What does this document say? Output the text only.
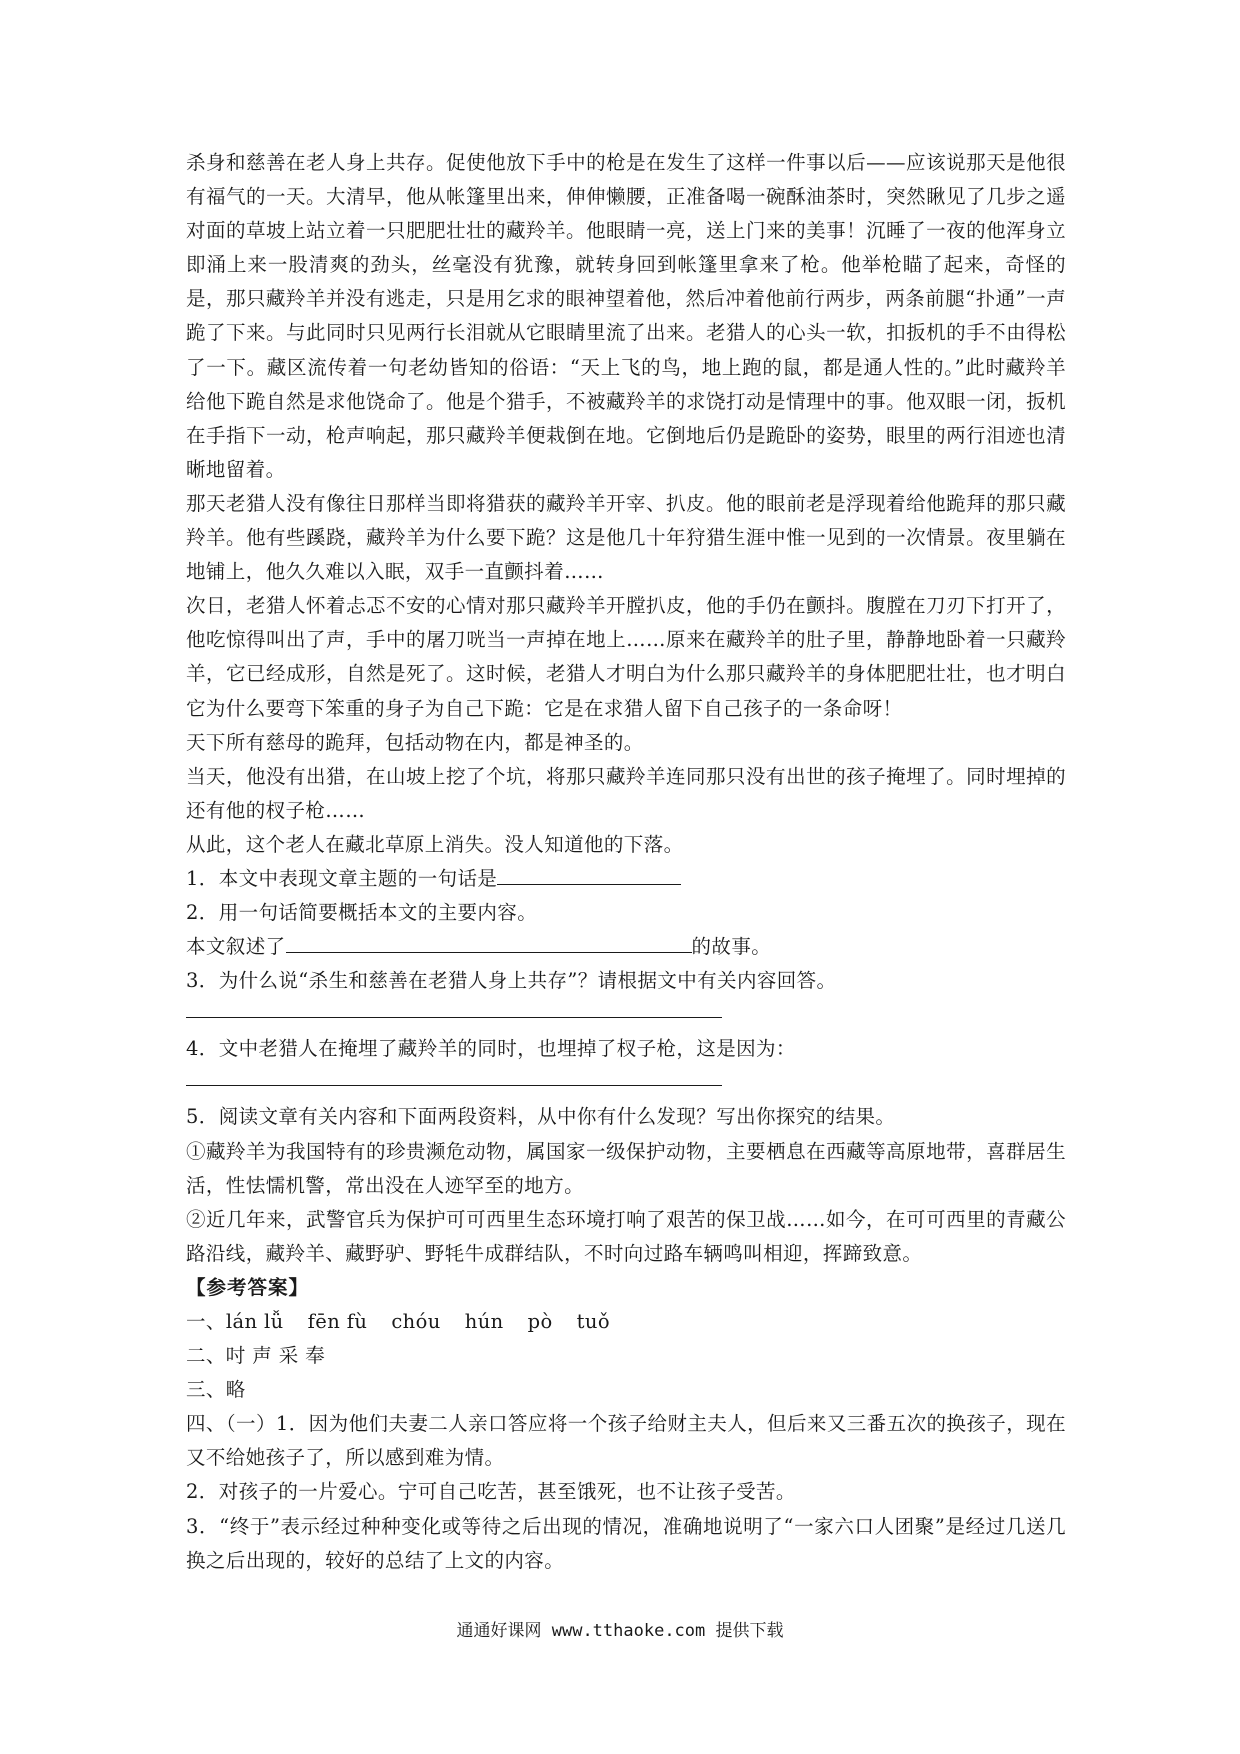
杀身和慈善在老人身上共存。促使他放下手中的枪是在发生了这样一件事以后——应该说那天是他很有福气的一天。大清早，他从帐篷里出来，伸伸懒腰，正准备喝一碗酥油茶时，突然瞅见了几步之遥对面的草坡上站立着一只肥肥壮壮的藏羚羊。他眼睛一亮，送上门来的美事！沉睡了一夜的他浑身立即涌上来一股清爽的劲头，丝毫没有犹豫，就转身回到帐篷里拿来了枪。他举枪瞄了起来，奇怪的是，那只藏羚羊并没有逃走，只是用乞求的眼神望着他，然后冲着他前行两步，两条前腿“扑通”一声跪了下来。与此同时只见两行长泪就从它眼睛里流了出来。老猎人的心头一软，扣扳机的手不由得松了一下。藏区流传着一句老幼皆知的俗语：“天上飞的鸟，地上跑的鼠，都是通人性的。”此时藏羚羊给他下跪自然是求他饶命了。他是个猎手，不被藏羚羊的求饶打动是情理中的事。他双眼一闭，扳机在手指下一动，枪声响起，那只藏羚羊便栽倒在地。它倒地后仍是跪卧的姿势，眼里的两行泪迹也清晰地留着。

那天老猎人没有像往日那样当即将猎获的藏羚羊开宰、扒皮。他的眼前老是浮现着给他跪拜的那只藏羚羊。他有些蹊跷，藏羚羊为什么要下跪？这是他几十年狩猎生涯中惟一见到的一次情景。夜里躺在地铺上，他久久难以入眠，双手一直颤抖着……

次日，老猎人怀着忐忑不安的心情对那只藏羚羊开膛扒皮，他的手仍在颤抖。腹膛在刀刃下打开了，他吃惊得叫出了声，手中的屠刀咣当一声掉在地上……原来在藏羚羊的肚子里，静静地卧着一只藏羚羊，它已经成形，自然是死了。这时候，老猎人才明白为什么那只藏羚羊的身体肥肥壮壮，也才明白它为什么要弯下笨重的身子为自己下跪：它是在求猎人留下自己孩子的一条命呀！

天下所有慈母的跪拜，包括动物在内，都是神圣的。

当天，他没有出猎，在山坡上挖了个坑，将那只藏羚羊连同那只没有出世的孩子掩埋了。同时埋掉的还有他的杈子枪……

从此，这个老人在藏北草原上消失。没人知道他的下落。

1．本文中表现文章主题的一句话是

2．用一句话简要概括本文的主要内容。

本文叙述了	的故事。

3．为什么说“杀生和慈善在老猎人身上共存”？请根据文中有关内容回答。

4．文中老猎人在掩埋了藏羚羊的同时，也埋掉了杈子枪，这是因为：

5．阅读文章有关内容和下面两段资料，从中你有什么发现？写出你探究的结果。

①藏羚羊为我国特有的珍贵濒危动物，属国家一级保护动物，主要栖息在西藏等高原地带，喜群居生活，性怯懦机警，常出没在人迹罕至的地方。

②近几年来，武警官兵为保护可可西里生态环境打响了艰苦的保卫战……如今，在可可西里的青藏公路沿线，藏羚羊、藏野驴、野牦牛成群结队，不时向过路车辆鸣叫相迎，挥蹄致意。

【参考答案】

一、lán lǚ fēn fù chóu hún pò tuǒ

二、吋 声 采 奉

三、略

四、（一）1．因为他们夫妻二人亲口答应将一个孩子给财主夫人，但后来又三番五次的换孩子，现在又不给她孩子了，所以感到难为情。

2．对孩子的一片爱心。宁可自己吃苦，甚至饿死，也不让孩子受苦。

3．“终于”表示经过种种变化或等待之后出现的情况，准确地说明了“一家六口人团聚”是经过几送几换之后出现的，较好的总结了上文的内容。

通通好课网 www.tthaoke.com 提供下载
